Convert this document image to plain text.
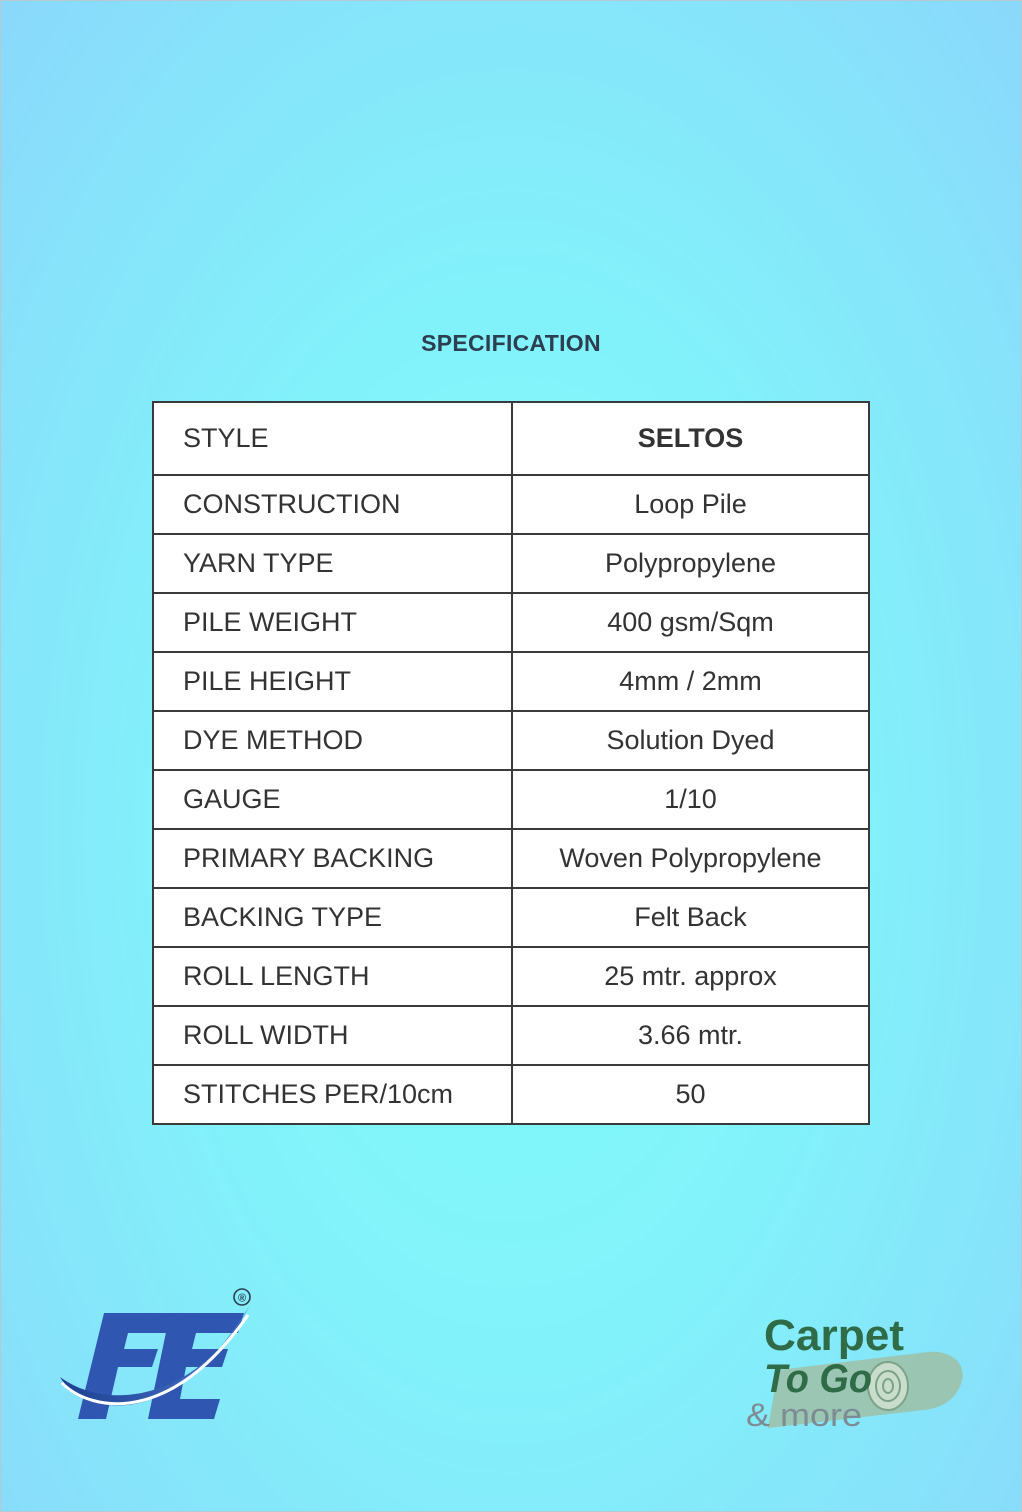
SPECIFICATION
STYLE	SELTOS
CONSTRUCTION	Loop Pile
YARN TYPE	Polypropylene
PILE WEIGHT	400 gsm/Sqm
PILE HEIGHT	4mm / 2mm
DYE METHOD	Solution Dyed
GAUGE	1/10
PRIMARY BACKING	Woven Polypropylene
BACKING TYPE	Felt Back
ROLL LENGTH	25 mtr. approx
ROLL WIDTH	3.66 mtr.
STITCHES PER/10cm	50
®
Carpet
To Go
& more
